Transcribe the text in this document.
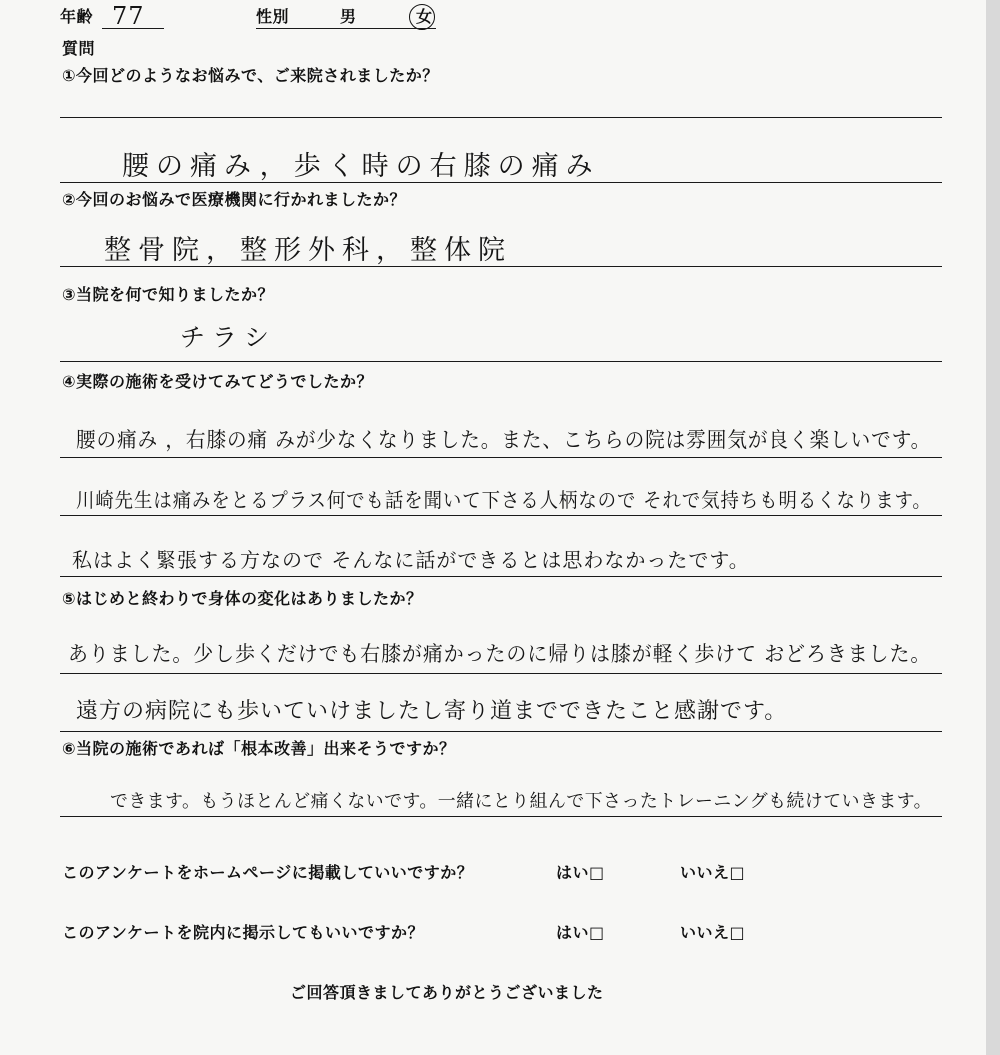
年齢 77	性別	男	女
質問
①今回どのようなお悩みで、ご来院されましたか？
腰の痛み，歩く時の右膝の痛み
②今回のお悩みで医療機関に行かれましたか？
整骨院，整形外科，整体院
③当院を何で知りましたか？
チラシ
④実際の施術を受けてみてどうでしたか？
腰の痛み ，右膝の痛 みが少なくなりました。また、こちらの院は雰囲気が良く楽しいです。
川崎先生は痛みをとるプラス何でも話を聞いて下さる人柄なので それで気持ちも明るくなります。
私はよく緊張する方なので そんなに話ができるとは思わなかったです。
⑤はじめと終わりで身体の変化はありましたか？
ありました。少し歩くだけでも右膝が痛かったのに帰りは膝が軽く歩けて おどろきました。
遠方の病院にも歩いていけましたし寄り道までできたこと感謝です。
⑥当院の施術であれば「根本改善」出来そうですか？
できます。もうほとんど痛くないです。一緒にとり組んで下さったトレーニングも続けていきます。
このアンケートをホームページに掲載していいですか？	はい□	いいえ□
このアンケートを院内に掲示してもいいですか？	はい□	いいえ□
ご回答頂きましてありがとうございました
